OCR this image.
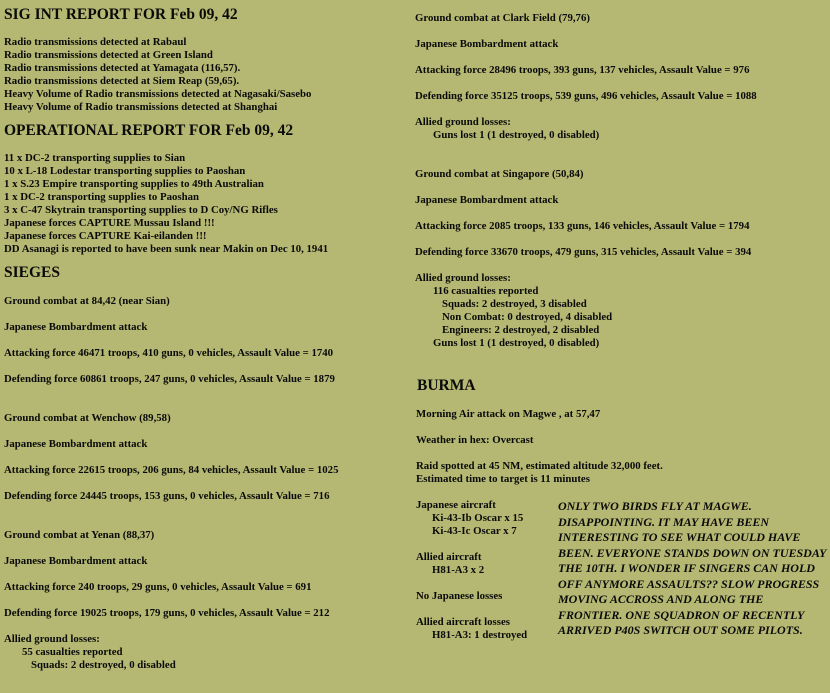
SIG INT REPORT FOR Feb 09, 42
Radio transmissions detected at Rabaul
Radio transmissions detected at Green Island
Radio transmissions detected at Yamagata (116,57).
Radio transmissions detected at Siem Reap (59,65).
Heavy Volume of Radio transmissions detected at Nagasaki/Sasebo
Heavy Volume of Radio transmissions detected at Shanghai
OPERATIONAL REPORT FOR Feb 09, 42
11 x DC-2 transporting supplies to Sian
10 x L-18 Lodestar transporting supplies to Paoshan
1 x S.23 Empire transporting supplies to 49th Australian
1 x DC-2 transporting supplies to Paoshan
3 x C-47 Skytrain transporting supplies to D Coy/NG Rifles
Japanese forces CAPTURE Mussau Island !!!
Japanese forces CAPTURE Kai-eilanden !!!
DD Asanagi is reported to have been sunk near Makin on Dec 10, 1941
SIEGES
Ground combat at 84,42 (near Sian)
Japanese Bombardment attack
Attacking force 46471 troops, 410 guns, 0 vehicles, Assault Value = 1740
Defending force 60861 troops, 247 guns, 0 vehicles, Assault Value = 1879
Ground combat at Wenchow (89,58)
Japanese Bombardment attack
Attacking force 22615 troops, 206 guns, 84 vehicles, Assault Value = 1025
Defending force 24445 troops, 153 guns, 0 vehicles, Assault Value = 716
Ground combat at Yenan (88,37)
Japanese Bombardment attack
Attacking force 240 troops, 29 guns, 0 vehicles, Assault Value = 691
Defending force 19025 troops, 179 guns, 0 vehicles, Assault Value = 212
Allied ground losses:
55 casualties reported
Squads: 2 destroyed, 0 disabled
Ground combat at Clark Field (79,76)
Japanese Bombardment attack
Attacking force 28496 troops, 393 guns, 137 vehicles, Assault Value = 976
Defending force 35125 troops, 539 guns, 496 vehicles, Assault Value = 1088
Allied ground losses:
Guns lost 1 (1 destroyed, 0 disabled)
Ground combat at Singapore (50,84)
Japanese Bombardment attack
Attacking force 2085 troops, 133 guns, 146 vehicles, Assault Value = 1794
Defending force 33670 troops, 479 guns, 315 vehicles, Assault Value = 394
Allied ground losses:
116 casualties reported
Squads: 2 destroyed, 3 disabled
Non Combat: 0 destroyed, 4 disabled
Engineers: 2 destroyed, 2 disabled
Guns lost 1 (1 destroyed, 0 disabled)
BURMA
Morning Air attack on Magwe , at 57,47
Weather in hex: Overcast
Raid spotted at 45 NM, estimated altitude 32,000 feet.
Estimated time to target is 11 minutes
Japanese aircraft
Ki-43-Ib Oscar x 15
Ki-43-Ic Oscar x 7
Allied aircraft
H81-A3 x 2
No Japanese losses
Allied aircraft losses
H81-A3: 1 destroyed
ONLY TWO BIRDS FLY AT MAGWE. DISAPPOINTING. IT MAY HAVE BEEN INTERESTING TO SEE WHAT COULD HAVE BEEN. EVERYONE STANDS DOWN ON TUESDAY THE 10TH. I WONDER IF SINGERS CAN HOLD OFF ANYMORE ASSAULTS?? SLOW PROGRESS MOVING ACCROSS AND ALONG THE FRONTIER. ONE SQUADRON OF RECENTLY ARRIVED P40S SWITCH OUT SOME PILOTS.
